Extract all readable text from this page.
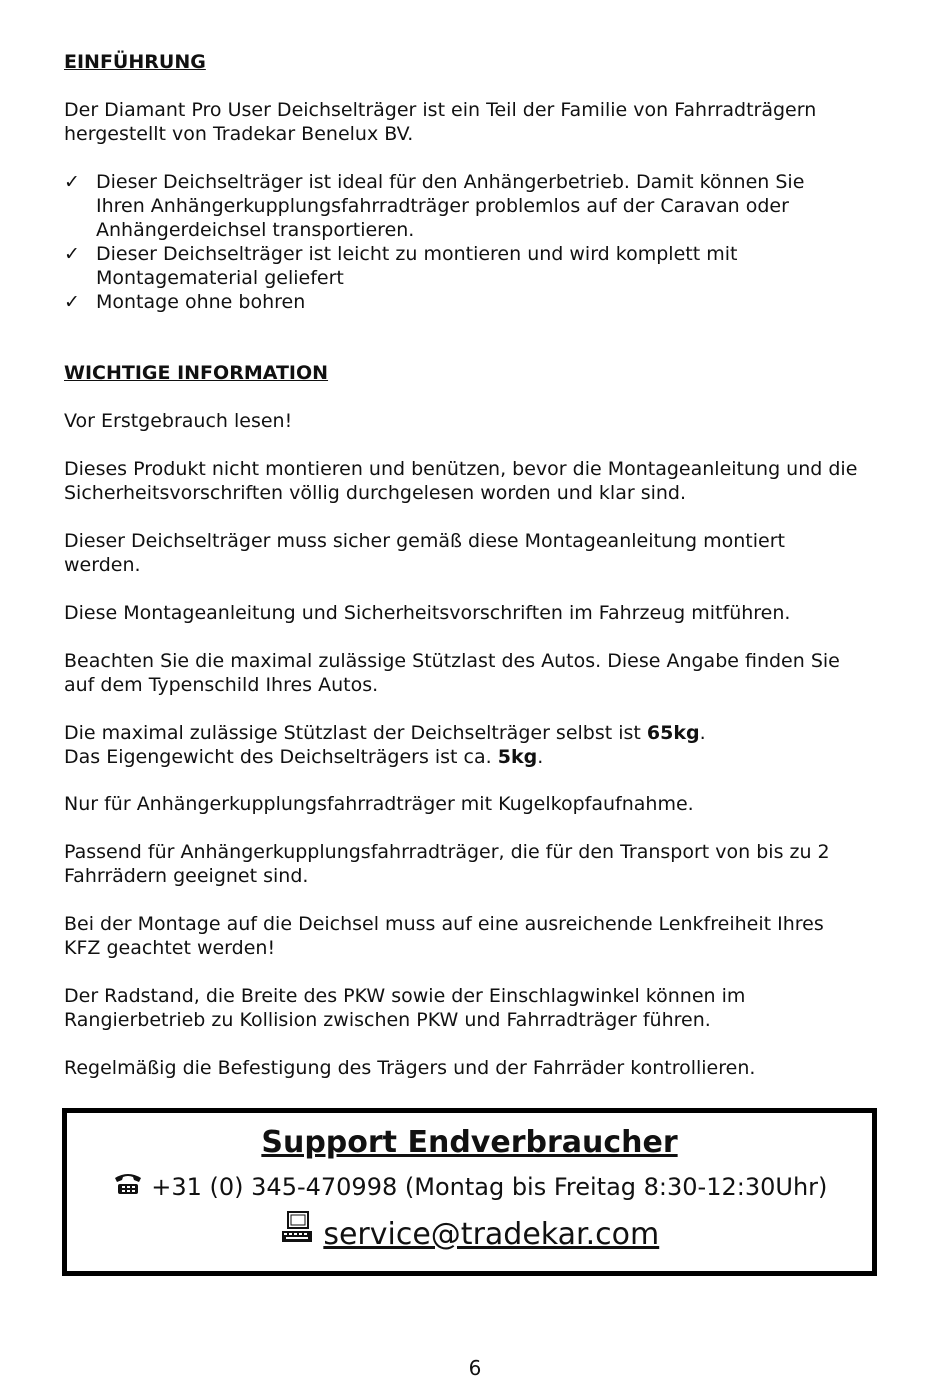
EINFÜHRUNG

Der Diamant Pro User Deichselträger ist ein Teil der Familie von Fahrradträgern
hergestellt von Tradekar Benelux BV.
✓ Dieser Deichselträger ist ideal für den Anhängerbetrieb. Damit können Sie
Ihren Anhängerkupplungsfahrradträger problemlos auf der Caravan oder
Anhängerdeichsel transportieren.
✓ Dieser Deichselträger ist leicht zu montieren und wird komplett mit
Montagematerial geliefert
✓ Montage ohne bohren

WICHTIGE INFORMATION

Vor Erstgebrauch lesen!
Dieses Produkt nicht montieren und benützen, bevor die Montageanleitung und die
Sicherheitsvorschriften völlig durchgelesen worden und klar sind.
Dieser Deichselträger muss sicher gemäß diese Montageanleitung montiert
werden.
Diese Montageanleitung und Sicherheitsvorschriften im Fahrzeug mitführen.
Beachten Sie die maximal zulässige Stützlast des Autos. Diese Angabe finden Sie
auf dem Typenschild Ihres Autos.
Die maximal zulässige Stützlast der Deichselträger selbst ist 65kg.
Das Eigengewicht des Deichselträgers ist ca. 5kg.
Nur für Anhängerkupplungsfahrradträger mit Kugelkopfaufnahme.
Passend für Anhängerkupplungsfahrradträger, die für den Transport von bis zu 2
Fahrrädern geeignet sind.
Bei der Montage auf die Deichsel muss auf eine ausreichende Lenkfreiheit Ihres
KFZ geachtet werden!
Der Radstand, die Breite des PKW sowie der Einschlagwinkel können im
Rangierbetrieb zu Kollision zwischen PKW und Fahrradträger führen.
Regelmäßig die Befestigung des Trägers und der Fahrräder kontrollieren.
Support Endverbraucher
+31 (0) 345-470998 (Montag bis Freitag 8:30-12:30Uhr)
service@tradekar.com
6
